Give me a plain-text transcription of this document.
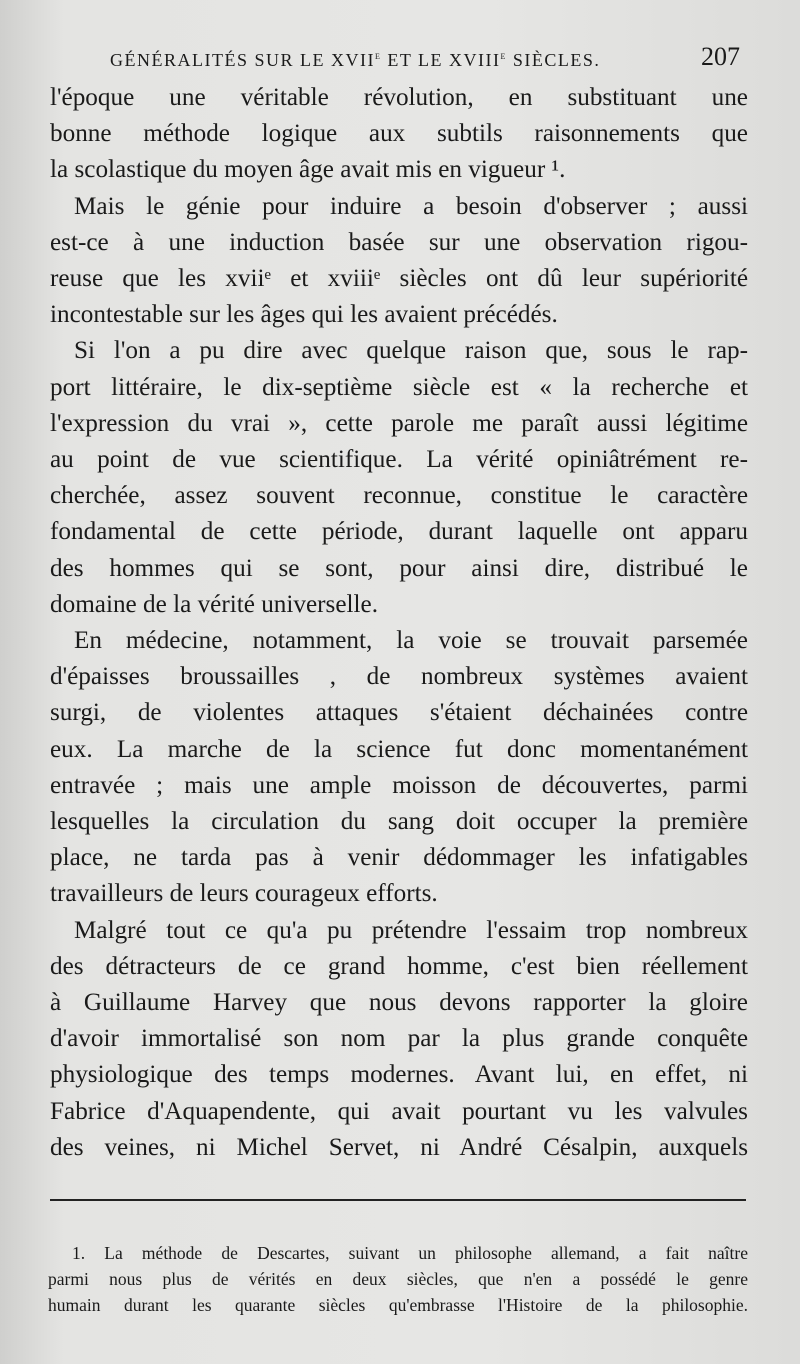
GÉNÉRALITÉS SUR LE XVIIe ET LE XVIIIe SIÈCLES.	207
l'époque une véritable révolution, en substituant une
bonne méthode logique aux subtils raisonnements que
la scolastique du moyen âge avait mis en vigueur ¹.
Mais le génie pour induire a besoin d'observer ; aussi
est-ce à une induction basée sur une observation rigou-
reuse que les xviiᵉ et xviiiᵉ siècles ont dû leur supériorité
incontestable sur les âges qui les avaient précédés.
Si l'on a pu dire avec quelque raison que, sous le rap-
port littéraire, le dix-septième siècle est « la recherche et
l'expression du vrai », cette parole me paraît aussi légitime
au point de vue scientifique. La vérité opiniâtrément re-
cherchée, assez souvent reconnue, constitue le caractère
fondamental de cette période, durant laquelle ont apparu
des hommes qui se sont, pour ainsi dire, distribué le
domaine de la vérité universelle.
En médecine, notamment, la voie se trouvait parsemée
d'épaisses broussailles , de nombreux systèmes avaient
surgi, de violentes attaques s'étaient déchainées contre
eux. La marche de la science fut donc momentanément
entravée ; mais une ample moisson de découvertes, parmi
lesquelles la circulation du sang doit occuper la première
place, ne tarda pas à venir dédommager les infatigables
travailleurs de leurs courageux efforts.
Malgré tout ce qu'a pu prétendre l'essaim trop nombreux
des détracteurs de ce grand homme, c'est bien réellement
à Guillaume Harvey que nous devons rapporter la gloire
d'avoir immortalisé son nom par la plus grande conquête
physiologique des temps modernes. Avant lui, en effet, ni
Fabrice d'Aquapendente, qui avait pourtant vu les valvules
des veines, ni Michel Servet, ni André Césalpin, auxquels
1. La méthode de Descartes, suivant un philosophe allemand, a fait naître
parmi nous plus de vérités en deux siècles, que n'en a possédé le genre
humain durant les quarante siècles qu'embrasse l'Histoire de la philosophie.
